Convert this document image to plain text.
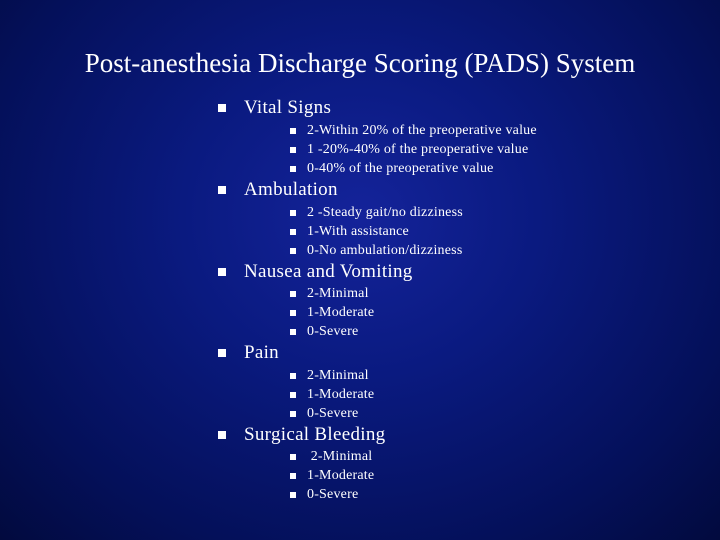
Post-anesthesia Discharge Scoring (PADS) System
Vital Signs
2-Within 20% of the preoperative value
1 -20%-40% of the preoperative value
0-40% of the preoperative value
Ambulation
2 -Steady gait/no dizziness
1-With assistance
0-No ambulation/dizziness
Nausea and Vomiting
2-Minimal
1-Moderate
0-Severe
Pain
2-Minimal
1-Moderate
0-Severe
Surgical Bleeding
2-Minimal
1-Moderate
0-Severe
